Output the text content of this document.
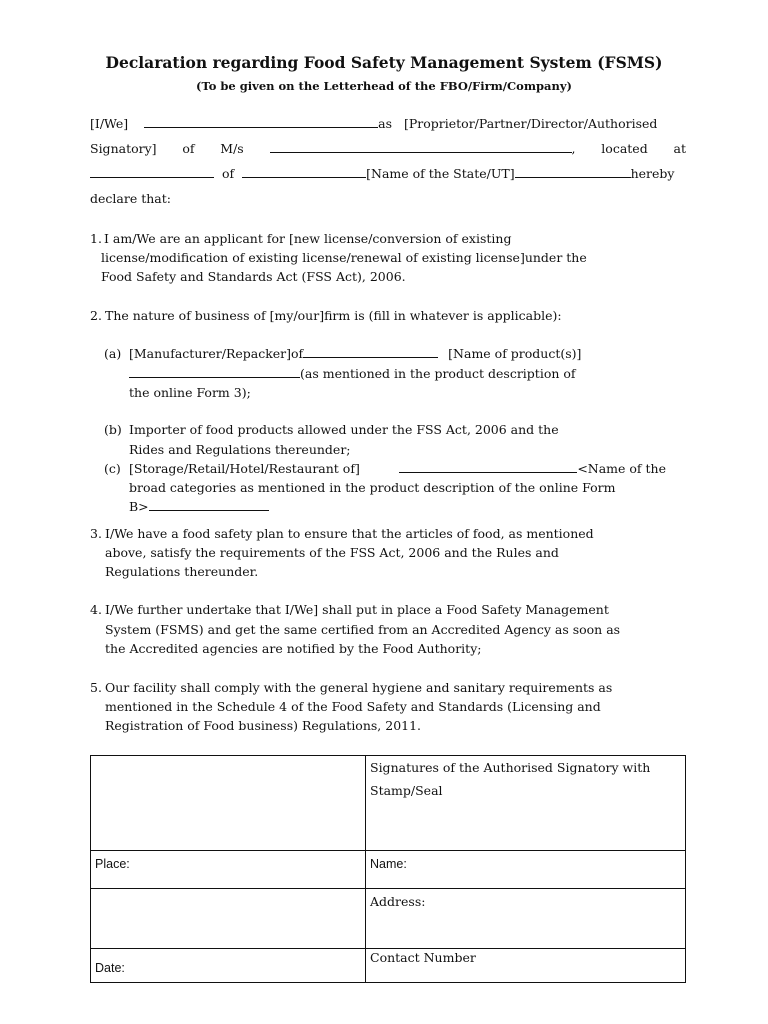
Declaration regarding Food Safety Management System (FSMS)
(To be given on the Letterhead of the FBO/Firm/Company)
[I/We]	as [Proprietor/Partner/Director/Authorised
Signatory] of M/s	, located at
of	[Name of the State/UT]	hereby
declare that:
1. I am/We are an applicant for [new license/conversion of existing
license/modification of existing license/renewal of existing license]under the
Food Safety and Standards Act (FSS Act), 2006.
2. The nature of business of [my/our]firm is (fill in whatever is applicable):
(a) [Manufacturer/Repacker]of	[Name of product(s)]
(as mentioned in the product description of
the online Form 3);
(b) Importer of food products allowed under the FSS Act, 2006 and the
Rides and Regulations thereunder;
(c) [Storage/Retail/Hotel/Restaurant of]	<Name of the
broad categories as mentioned in the product description of the online Form
B>
3. I/We have a food safety plan to ensure that the articles of food, as mentioned
above, satisfy the requirements of the FSS Act, 2006 and the Rules and
Regulations thereunder.
4. I/We further undertake that I/We] shall put in place a Food Safety Management
System (FSMS) and get the same certified from an Accredited Agency as soon as
the Accredited agencies are notified by the Food Authority;
5. Our facility shall comply with the general hygiene and sanitary requirements as
mentioned in the Schedule 4 of the Food Safety and Standards (Licensing and
Registration of Food business) Regulations, 2011.

	Signatures of the Authorised Signatory with Stamp/Seal

Place:	Name:

	Address:

Date:	Contact Number
